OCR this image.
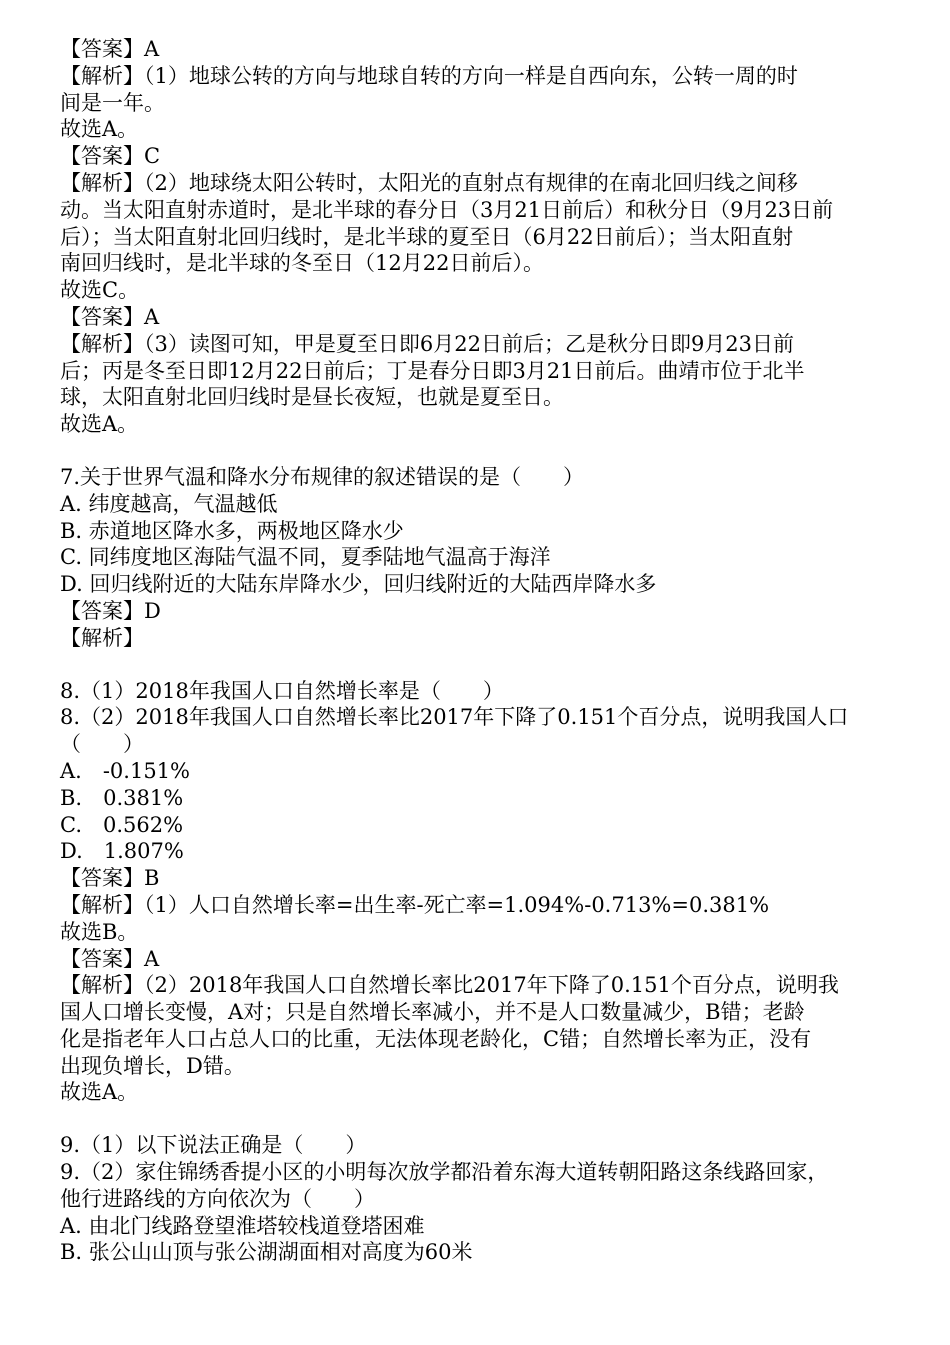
【答案】A
【解析】（1）地球公转的方向与地球自转的方向一样是自西向东，公转一周的时
间是一年。
故选A。
【答案】C
【解析】（2）地球绕太阳公转时，太阳光的直射点有规律的在南北回归线之间移
动。当太阳直射赤道时，是北半球的春分日（3月21日前后）和秋分日（9月23日前
后）；当太阳直射北回归线时，是北半球的夏至日（6月22日前后）；当太阳直射
南回归线时，是北半球的冬至日（12月22日前后）。
故选C。
【答案】A
【解析】（3）读图可知，甲是夏至日即6月22日前后；乙是秋分日即9月23日前
后；丙是冬至日即12月22日前后；丁是春分日即3月21日前后。曲靖市位于北半
球，太阳直射北回归线时是昼长夜短，也就是夏至日。
故选A。
7.关于世界气温和降水分布规律的叙述错误的是（　　）
A. 纬度越高，气温越低
B. 赤道地区降水多，两极地区降水少
C. 同纬度地区海陆气温不同，夏季陆地气温高于海洋
D. 回归线附近的大陆东岸降水少，回归线附近的大陆西岸降水多
【答案】D
【解析】
8.（1）2018年我国人口自然增长率是（　　）
8.（2）2018年我国人口自然增长率比2017年下降了0.151个百分点，说明我国人口
（　　）
A.　-0.151%
B.　0.381%
C.　0.562%
D.　1.807%
【答案】B
【解析】（1）人口自然增长率=出生率-死亡率=1.094%-0.713%=0.381%
故选B。
【答案】A
【解析】（2）2018年我国人口自然增长率比2017年下降了0.151个百分点，说明我
国人口增长变慢，A对；只是自然增长率减小，并不是人口数量减少，B错；老龄
化是指老年人口占总人口的比重，无法体现老龄化，C错；自然增长率为正，没有
出现负增长，D错。
故选A。
9.（1）以下说法正确是（　　）
9.（2）家住锦绣香提小区的小明每次放学都沿着东海大道转朝阳路这条线路回家，
他行进路线的方向依次为（　　）
A. 由北门线路登望淮塔较栈道登塔困难
B. 张公山山顶与张公湖湖面相对高度为60米
